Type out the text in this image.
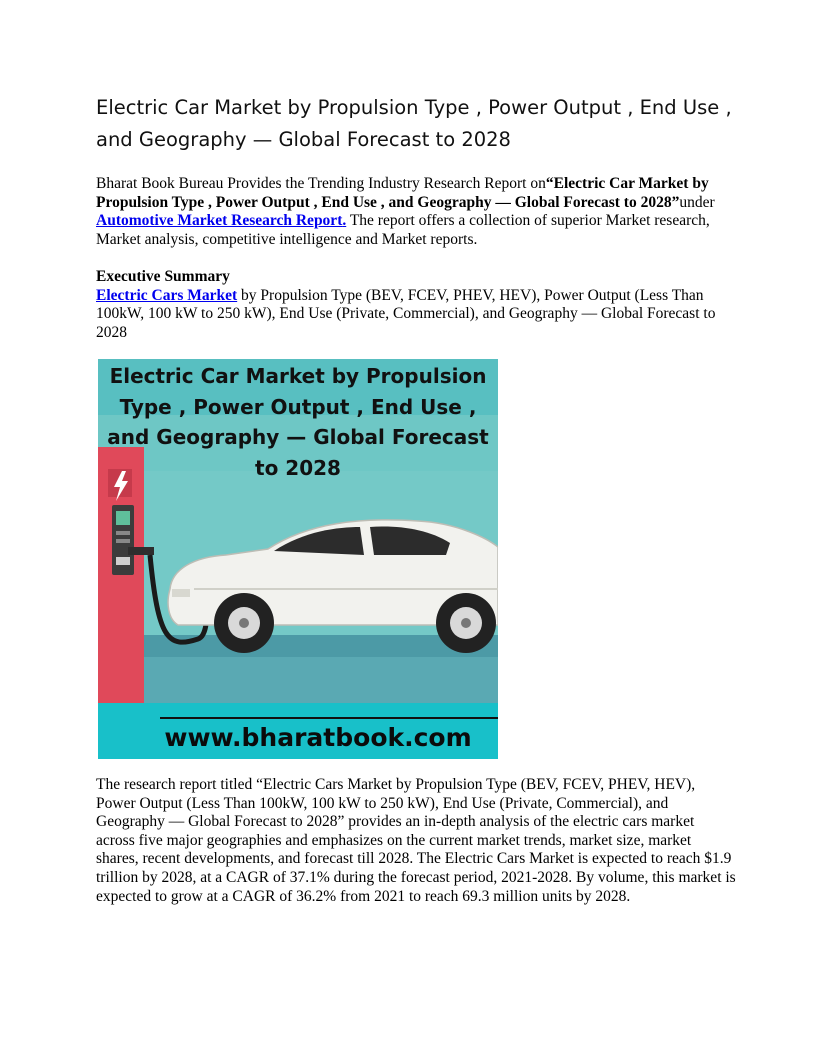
Electric Car Market by Propulsion Type , Power Output , End Use , and Geography — Global Forecast to 2028

Bharat Book Bureau Provides the Trending Industry Research Report on“Electric Car Market by Propulsion Type , Power Output , End Use , and Geography — Global Forecast to 2028”under Automotive Market Research Report. The report offers a collection of superior Market research, Market analysis, competitive intelligence and Market reports.

Executive Summary
Electric Cars Market by Propulsion Type (BEV, FCEV, PHEV, HEV), Power Output (Less Than 100kW, 100 kW to 250 kW), End Use (Private, Commercial), and Geography — Global Forecast to 2028
Electric Car Market by Propulsion Type , Power Output , End Use , and Geography — Global Forecast to 2028
www.bharatbook.com

The research report titled “Electric Cars Market by Propulsion Type (BEV, FCEV, PHEV, HEV), Power Output (Less Than 100kW, 100 kW to 250 kW), End Use (Private, Commercial), and Geography — Global Forecast to 2028” provides an in-depth analysis of the electric cars market across five major geographies and emphasizes on the current market trends, market size, market shares, recent developments, and forecast till 2028. The Electric Cars Market is expected to reach $1.9 trillion by 2028, at a CAGR of 37.1% during the forecast period, 2021-2028. By volume, this market is expected to grow at a CAGR of 36.2% from 2021 to reach 69.3 million units by 2028.
